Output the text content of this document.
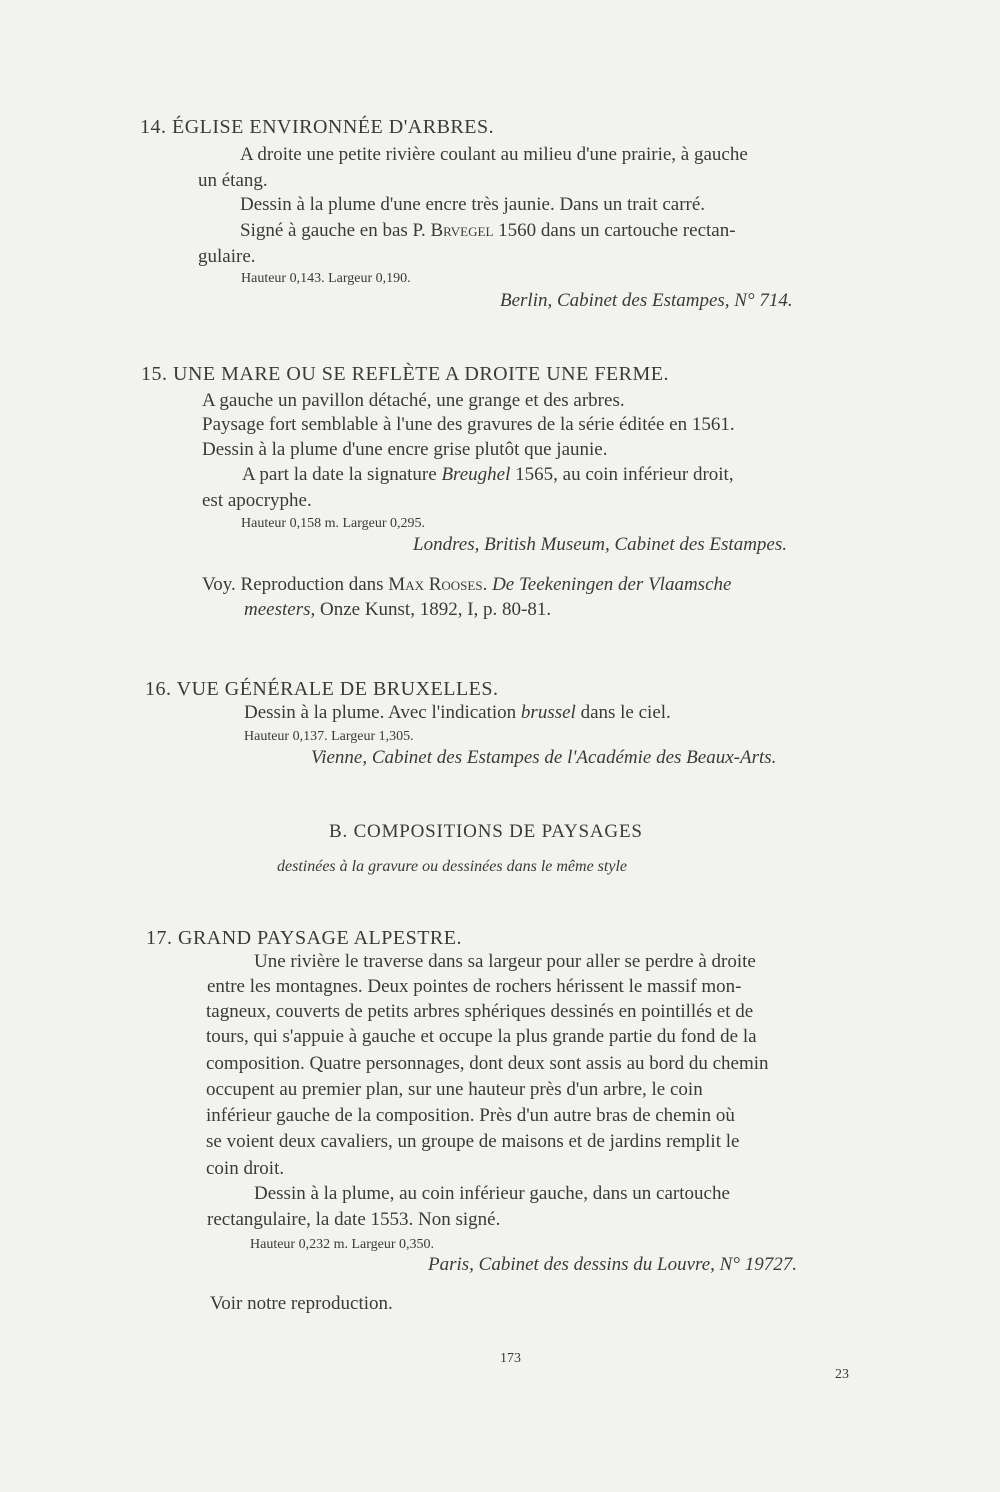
14. ÉGLISE ENVIRONNÉE D'ARBRES.
A droite une petite rivière coulant au milieu d'une prairie, à gauche
un étang.
Dessin à la plume d'une encre très jaunie. Dans un trait carré.
Signé à gauche en bas P. Brvegel 1560 dans un cartouche rectan-
gulaire.
Hauteur 0,143. Largeur 0,190.
Berlin, Cabinet des Estampes, N° 714.
15. UNE MARE OU SE REFLÈTE A DROITE UNE FERME.
A gauche un pavillon détaché, une grange et des arbres.
Paysage fort semblable à l'une des gravures de la série éditée en 1561.
Dessin à la plume d'une encre grise plutôt que jaunie.
A part la date la signature Breughel 1565, au coin inférieur droit,
est apocryphe.
Hauteur 0,158 m. Largeur 0,295.
Londres, British Museum, Cabinet des Estampes.
Voy. Reproduction dans Max Rooses. De Teekeningen der Vlaamsche
meesters, Onze Kunst, 1892, I, p. 80-81.
16. VUE GÉNÉRALE DE BRUXELLES.
Dessin à la plume. Avec l'indication brussel dans le ciel.
Hauteur 0,137. Largeur 1,305.
Vienne, Cabinet des Estampes de l'Académie des Beaux-Arts.
B. COMPOSITIONS DE PAYSAGES
destinées à la gravure ou dessinées dans le même style
17. GRAND PAYSAGE ALPESTRE.
Une rivière le traverse dans sa largeur pour aller se perdre à droite
entre les montagnes. Deux pointes de rochers hérissent le massif mon-
tagneux, couverts de petits arbres sphériques dessinés en pointillés et de
tours, qui s'appuie à gauche et occupe la plus grande partie du fond de la
composition. Quatre personnages, dont deux sont assis au bord du chemin
occupent au premier plan, sur une hauteur près d'un arbre, le coin
inférieur gauche de la composition. Près d'un autre bras de chemin où
se voient deux cavaliers, un groupe de maisons et de jardins remplit le
coin droit.
Dessin à la plume, au coin inférieur gauche, dans un cartouche
rectangulaire, la date 1553. Non signé.
Hauteur 0,232 m. Largeur 0,350.
Paris, Cabinet des dessins du Louvre, N° 19727.
Voir notre reproduction.
173
23
